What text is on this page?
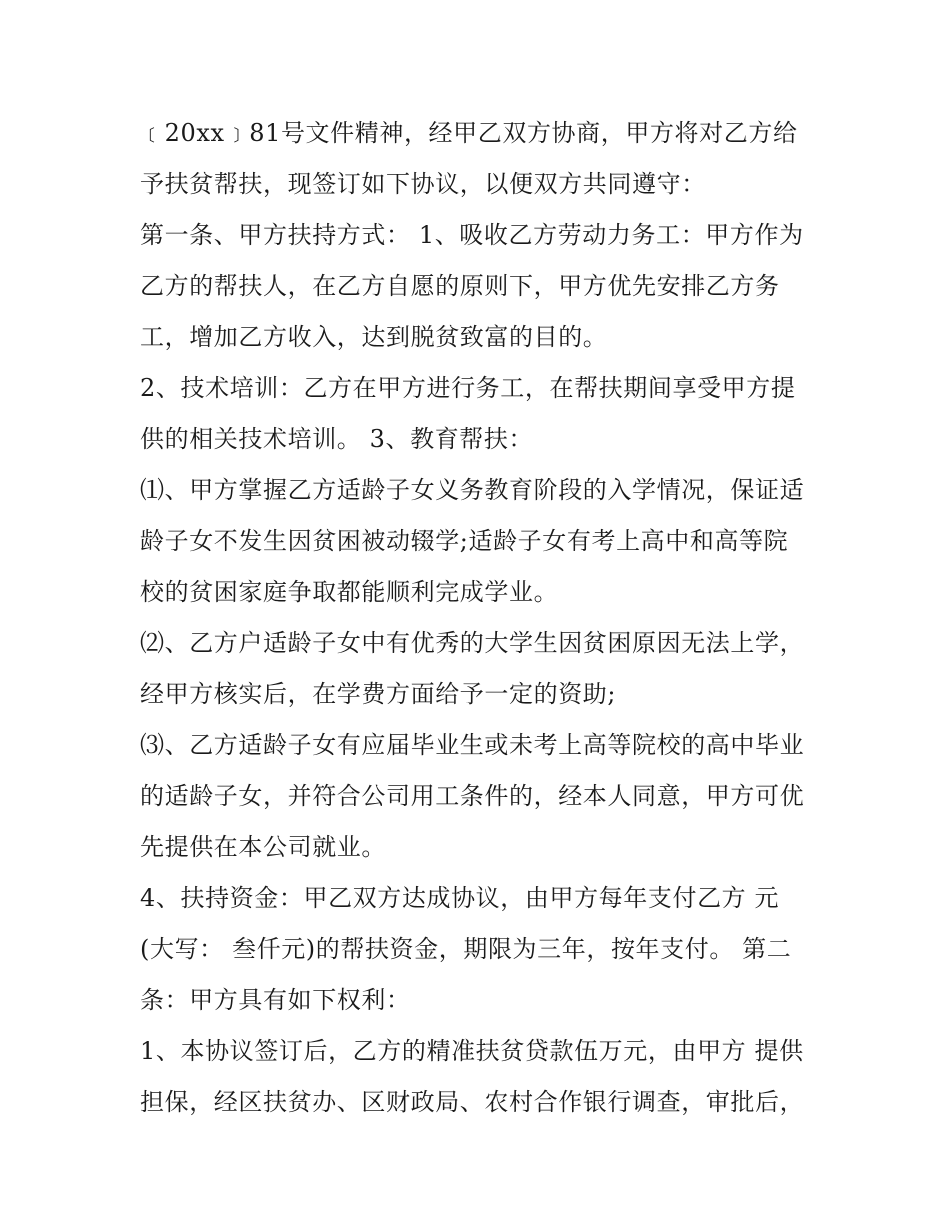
﹝20xx﹞81号文件精神，经甲乙双方协商，甲方将对乙方给
予扶贫帮扶，现签订如下协议，以便双方共同遵守：
第一条、甲方扶持方式： 1、吸收乙方劳动力务工：甲方作为
乙方的帮扶人，在乙方自愿的原则下，甲方优先安排乙方务
工，增加乙方收入，达到脱贫致富的目的。
2、技术培训：乙方在甲方进行务工，在帮扶期间享受甲方提
供的相关技术培训。 3、教育帮扶：
⑴、甲方掌握乙方适龄子女义务教育阶段的入学情况，保证适
龄子女不发生因贫困被动辍学;适龄子女有考上高中和高等院
校的贫困家庭争取都能顺利完成学业。
⑵、乙方户适龄子女中有优秀的大学生因贫困原因无法上学，
经甲方核实后，在学费方面给予一定的资助;
⑶、乙方适龄子女有应届毕业生或未考上高等院校的高中毕业
的适龄子女，并符合公司用工条件的，经本人同意，甲方可优
先提供在本公司就业。
4、扶持资金：甲乙双方达成协议，由甲方每年支付乙方 元
(大写： 叁仟元)的帮扶资金，期限为三年，按年支付。 第二
条：甲方具有如下权利：
1、本协议签订后，乙方的精准扶贫贷款伍万元，由甲方 提供
担保，经区扶贫办、区财政局、农村合作银行调查，审批后，
